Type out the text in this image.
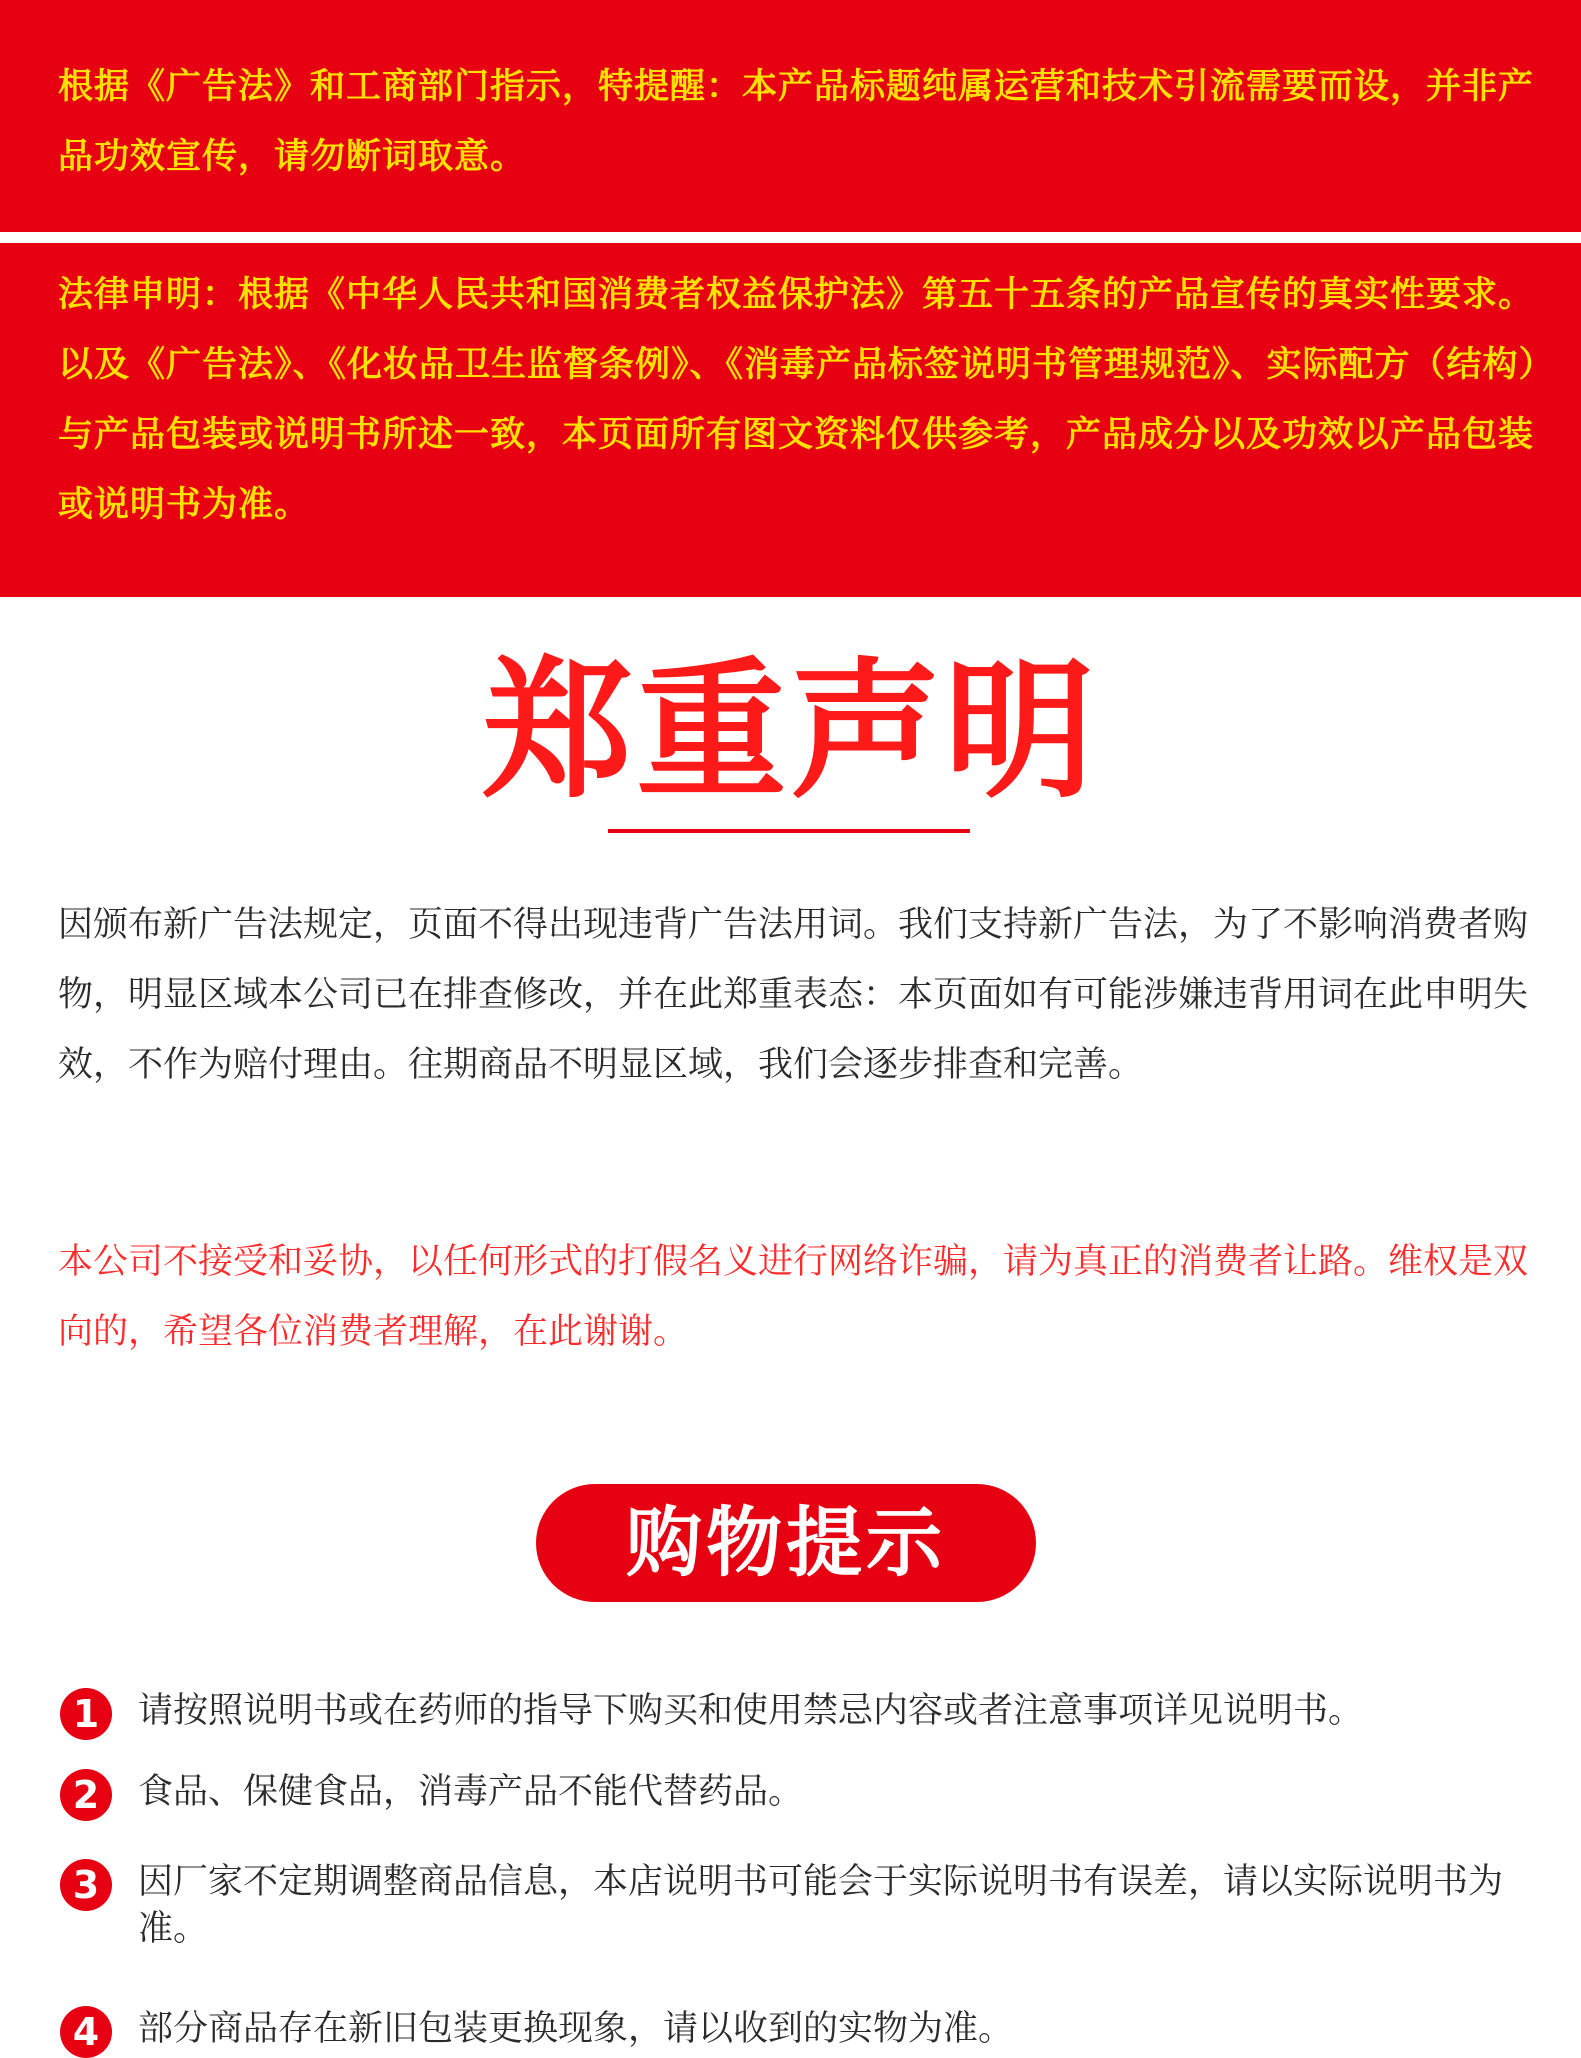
根据《广告法》和工商部门指示，特提醒：本产品标题纯属运营和技术引流需要而设，并非产品功效宣传，请勿断词取意。
法律申明：根据《中华人民共和国消费者权益保护法》第五十五条的产品宣传的真实性要求。以及《广告法》、《化妆品卫生监督条例》、《消毒产品标签说明书管理规范》、实际配方（结构）与产品包装或说明书所述一致，本页面所有图文资料仅供参考，产品成分以及功效以产品包装或说明书为准。
郑重声明
因颁布新广告法规定，页面不得出现违背广告法用词。我们支持新广告法，为了不影响消费者购物，明显区域本公司已在排查修改，并在此郑重表态：本页面如有可能涉嫌违背用词在此申明失效，不作为赔付理由。往期商品不明显区域，我们会逐步排查和完善。
本公司不接受和妥协，以任何形式的打假名义进行网络诈骗，请为真正的消费者让路。维权是双向的，希望各位消费者理解，在此谢谢。
购物提示
1	请按照说明书或在药师的指导下购买和使用禁忌内容或者注意事项详见说明书。
2	食品、保健食品，消毒产品不能代替药品。
3	因厂家不定期调整商品信息，本店说明书可能会于实际说明书有误差，请以实际说明书为准。
4	部分商品存在新旧包装更换现象，请以收到的实物为准。
